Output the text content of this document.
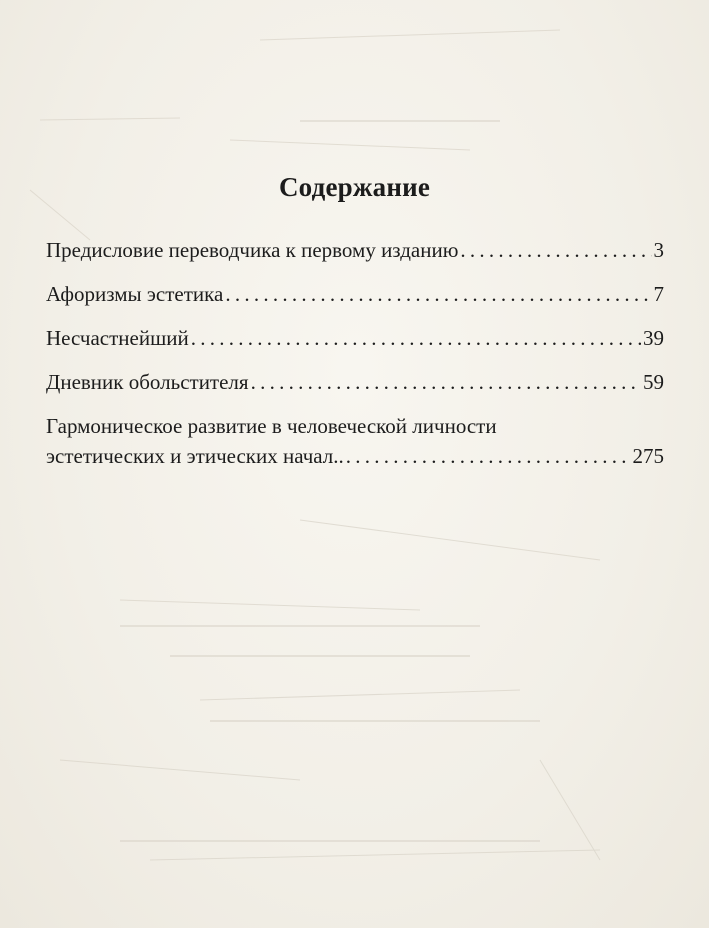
Содержание
Предисловие переводчика к первому изданию . . .	3
Афоризмы эстетика . . .	7
Несчастнейший . . .	39
Дневник обольстителя . . .	59
Гармоническое развитие в человеческой личности
эстетических и этических начал.. . . .	275
